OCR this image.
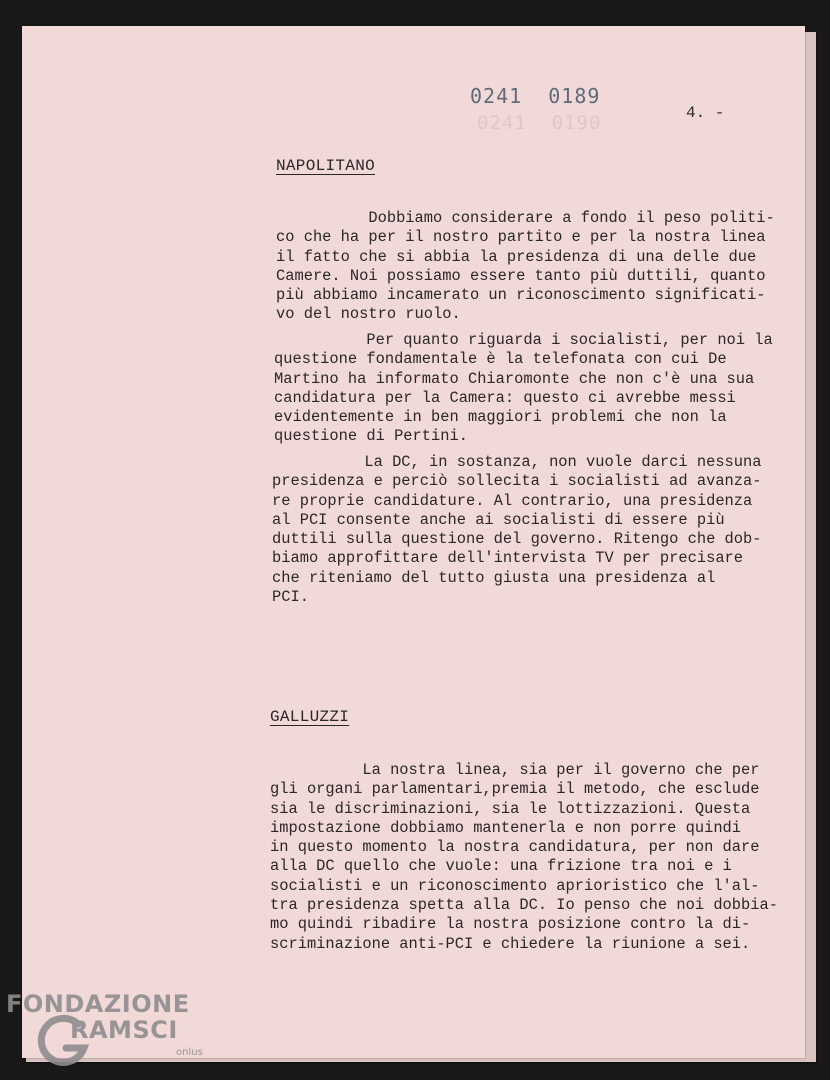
0241  0190
0241  0189
4. -
NAPOLITANO

Dobbiamo considerare a fondo il peso politi-
co che ha per il nostro partito e per la nostra linea
il fatto che si abbia la presidenza di una delle due
Camere. Noi possiamo essere tanto più duttili, quanto
più abbiamo incamerato un riconoscimento significati-
vo del nostro ruolo.

Per quanto riguarda i socialisti, per noi la
questione fondamentale è la telefonata con cui De
Martino ha informato Chiaromonte che non c'è una sua
candidatura per la Camera: questo ci avrebbe messi
evidentemente in ben maggiori problemi che non la
questione di Pertini.

La DC, in sostanza, non vuole darci nessuna
presidenza e perciò sollecita i socialisti ad avanza-
re proprie candidature. Al contrario, una presidenza
al PCI consente anche ai socialisti di essere più
duttili sulla questione del governo. Ritengo che dob-
biamo approfittare dell'intervista TV per precisare
che riteniamo del tutto giusta una presidenza al
PCI.

GALLUZZI

La nostra linea, sia per il governo che per
gli organi parlamentari,premia il metodo, che esclude
sia le discriminazioni, sia le lottizzazioni. Questa
impostazione dobbiamo mantenerla e non porre quindi
in questo momento la nostra candidatura, per non dare
alla DC quello che vuole: una frizione tra noi e i
socialisti e un riconoscimento aprioristico che l'al-
tra presidenza spetta alla DC. Io penso che noi dobbia-
mo quindi ribadire la nostra posizione contro la di-
scriminazione anti-PCI e chiedere la riunione a sei.

FONDAZIONE
RAMSCI
onlus
